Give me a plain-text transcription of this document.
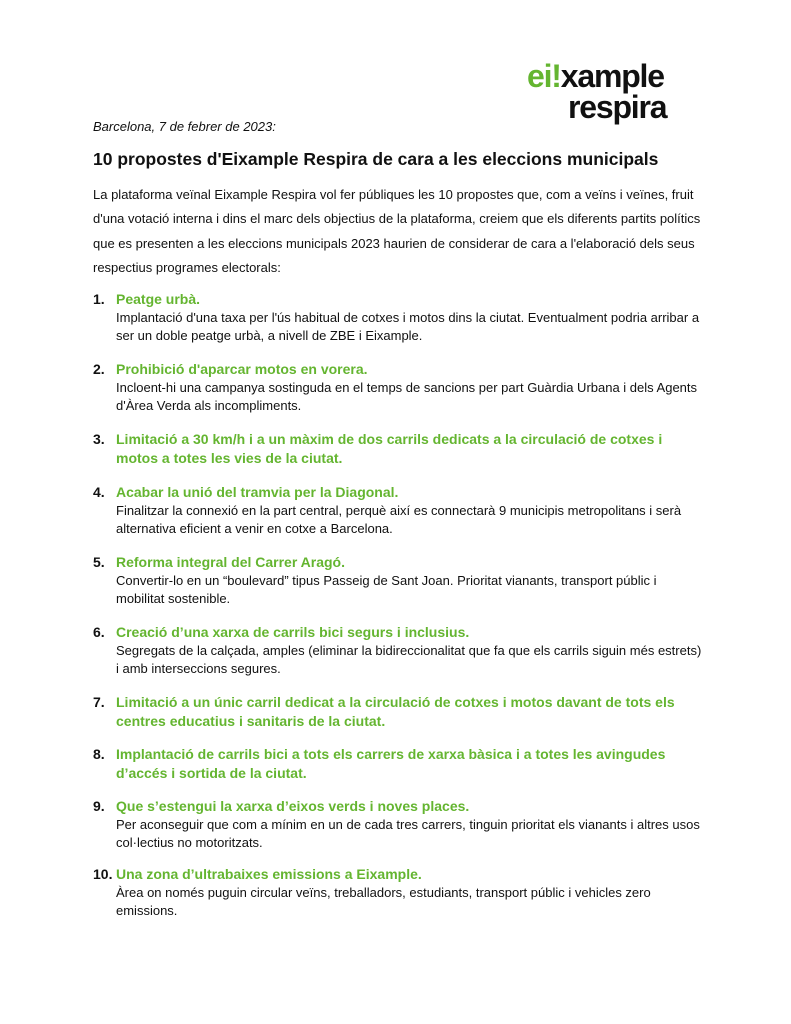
ei!xample
respira
Barcelona, 7 de febrer de 2023:
10 propostes d'Eixample Respira de cara a les eleccions municipals

La plataforma veïnal Eixample Respira vol fer públiques les 10 propostes que, com a veïns i veïnes, fruit d'una votació interna i dins el marc dels objectius de la plataforma, creiem que els diferents partits polítics que es presenten a les eleccions municipals 2023 haurien de considerar de cara a l'elaboració dels seus respectius programes electorals:

1. Peatge urbà.

Implantació d'una taxa per l'ús habitual de cotxes i motos dins la ciutat. Eventualment podria arribar a ser un doble peatge urbà, a nivell de ZBE i Eixample.

2. Prohibició d'aparcar motos en vorera.

Incloent-hi una campanya sostinguda en el temps de sancions per part Guàrdia Urbana i dels Agents d'Àrea Verda als incompliments.

3. Limitació a 30 km/h i a un màxim de dos carrils dedicats a la circulació de cotxes i motos a totes les vies de la ciutat.

4. Acabar la unió del tramvia per la Diagonal.

Finalitzar la connexió en la part central, perquè així es connectarà 9 municipis metropolitans i serà alternativa eficient a venir en cotxe a Barcelona.

5. Reforma integral del Carrer Aragó.

Convertir-lo en un “boulevard” tipus Passeig de Sant Joan. Prioritat vianants, transport públic i mobilitat sostenible.

6. Creació d’una xarxa de carrils bici segurs i inclusius.

Segregats de la calçada, amples (eliminar la bidireccionalitat que fa que els carrils siguin més estrets) i amb interseccions segures.

7. Limitació a un únic carril dedicat a la circulació de cotxes i motos davant de tots els centres educatius i sanitaris de la ciutat.

8. Implantació de carrils bici a tots els carrers de xarxa bàsica i a totes les avingudes d’accés i sortida de la ciutat.

9. Que s’estengui la xarxa d’eixos verds i noves places.

Per aconseguir que com a mínim en un de cada tres carrers, tinguin prioritat els vianants i altres usos col·lectius no motoritzats.

10. Una zona d’ultrabaixes emissions a Eixample.

Àrea on només puguin circular veïns, treballadors, estudiants, transport públic i vehicles zero emissions.
